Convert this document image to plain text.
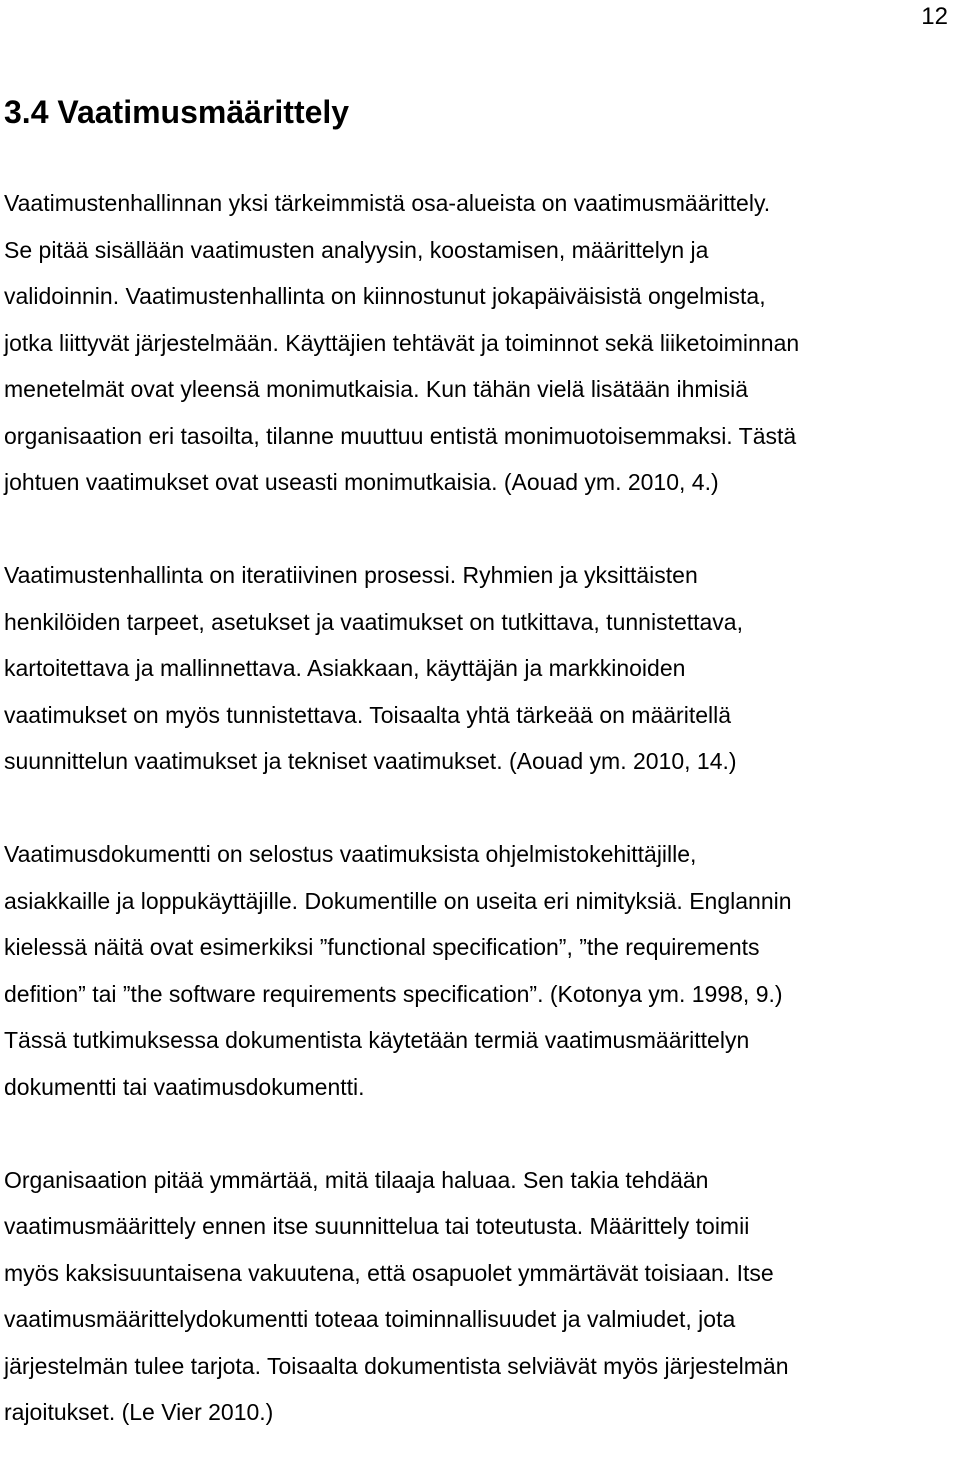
12
3.4 Vaatimusmäärittely

Vaatimustenhallinnan yksi tärkeimmistä osa-alueista on vaatimusmäärittely.
Se pitää sisällään vaatimusten analyysin, koostamisen, määrittelyn ja
validoinnin. Vaatimustenhallinta on kiinnostunut jokapäiväisistä ongelmista,
jotka liittyvät järjestelmään. Käyttäjien tehtävät ja toiminnot sekä liiketoiminnan
menetelmät ovat yleensä monimutkaisia. Kun tähän vielä lisätään ihmisiä
organisaation eri tasoilta, tilanne muuttuu entistä monimuotoisemmaksi. Tästä
johtuen vaatimukset ovat useasti monimutkaisia. (Aouad ym. 2010, 4.)

Vaatimustenhallinta on iteratiivinen prosessi. Ryhmien ja yksittäisten
henkilöiden tarpeet, asetukset ja vaatimukset on tutkittava, tunnistettava,
kartoitettava ja mallinnettava. Asiakkaan, käyttäjän ja markkinoiden
vaatimukset on myös tunnistettava. Toisaalta yhtä tärkeää on määritellä
suunnittelun vaatimukset ja tekniset vaatimukset. (Aouad ym. 2010, 14.)

Vaatimusdokumentti on selostus vaatimuksista ohjelmistokehittäjille,
asiakkaille ja loppukäyttäjille. Dokumentille on useita eri nimityksiä. Englannin
kielessä näitä ovat esimerkiksi ”functional specification”, ”the requirements
defition” tai ”the software requirements specification”. (Kotonya ym. 1998, 9.)
Tässä tutkimuksessa dokumentista käytetään termiä vaatimusmäärittelyn
dokumentti tai vaatimusdokumentti.

Organisaation pitää ymmärtää, mitä tilaaja haluaa. Sen takia tehdään
vaatimusmäärittely ennen itse suunnittelua tai toteutusta. Määrittely toimii
myös kaksisuuntaisena vakuutena, että osapuolet ymmärtävät toisiaan. Itse
vaatimusmäärittelydokumentti toteaa toiminnallisuudet ja valmiudet, jota
järjestelmän tulee tarjota. Toisaalta dokumentista selviävät myös järjestelmän
rajoitukset. (Le Vier 2010.)
